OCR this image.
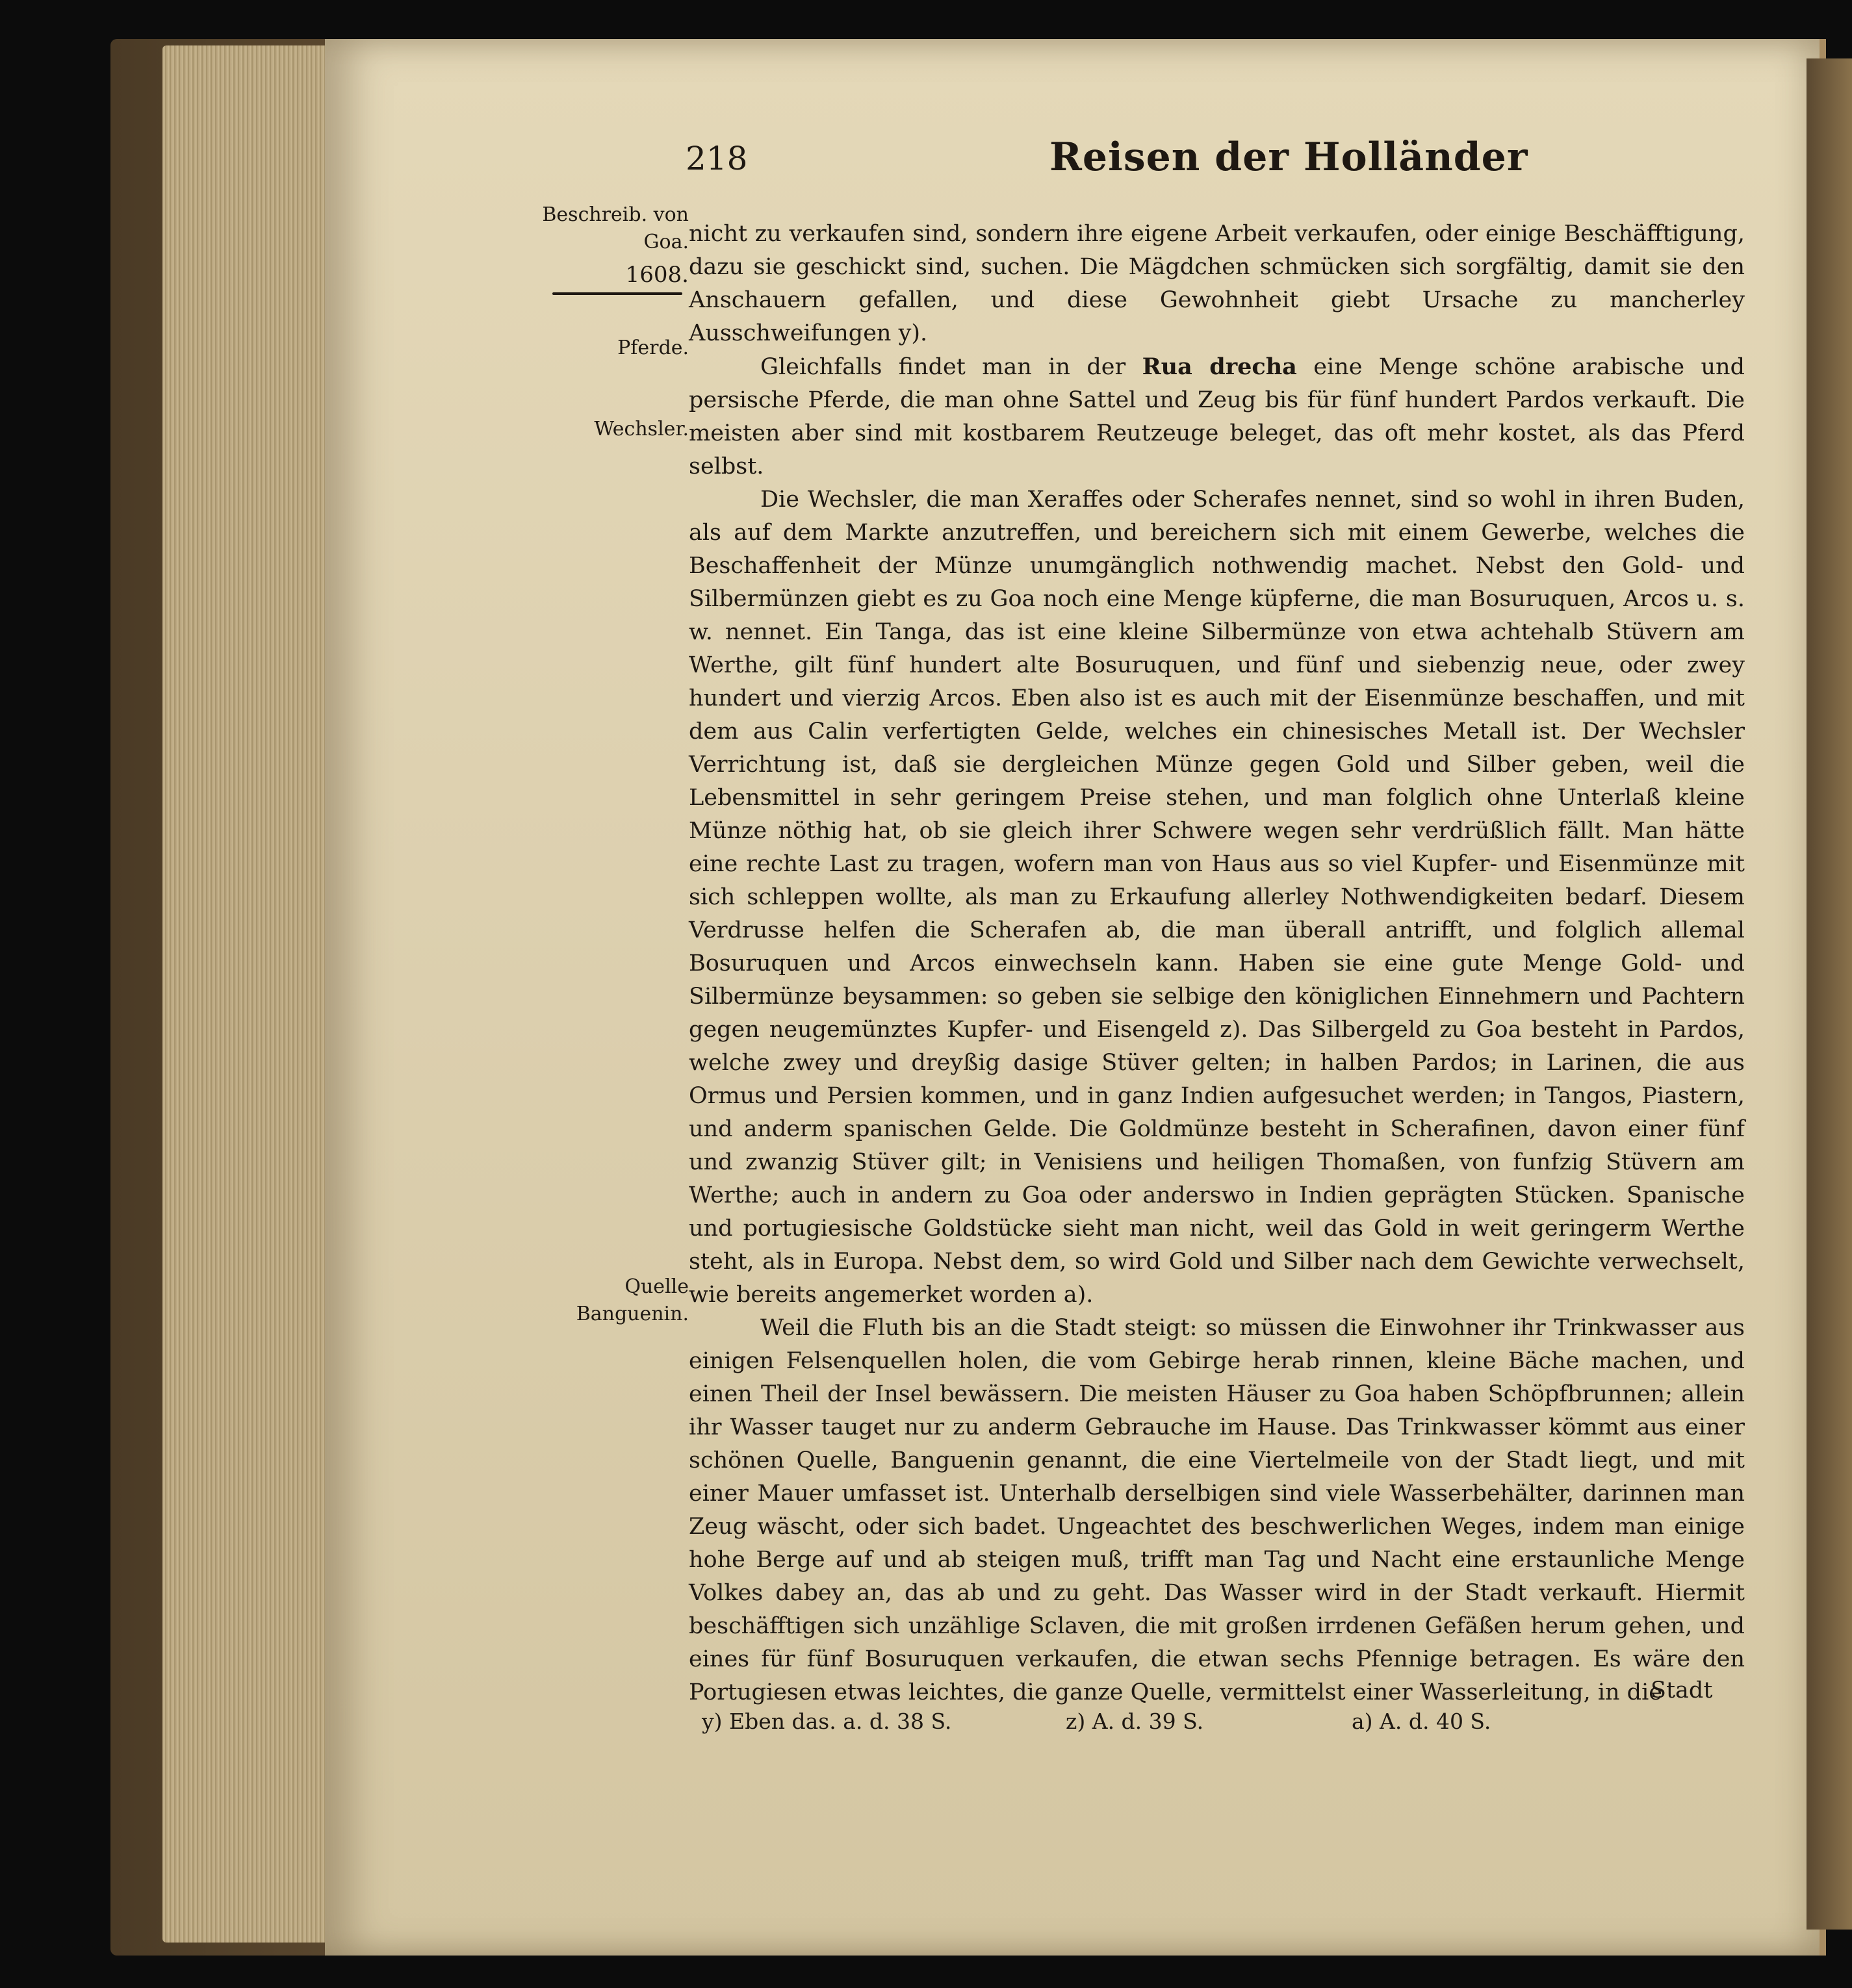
218	Reisen der Holländer
Beschreib. von Goa.
1608.
Pferde.
Wechsler.
Quelle Banguenin.

nicht zu verkaufen sind, sondern ihre eigene Arbeit verkaufen, oder einige Beschäfftigung, dazu sie geschickt sind, suchen. Die Mägdchen schmücken sich sorgfältig, damit sie den Anschauern gefallen, und diese Gewohnheit giebt Ursache zu mancherley Ausschweifungen y).

Gleichfalls findet man in der Rua drecha eine Menge schöne arabische und persische Pferde, die man ohne Sattel und Zeug bis für fünf hundert Pardos verkauft. Die meisten aber sind mit kostbarem Reutzeuge beleget, das oft mehr kostet, als das Pferd selbst.

Die Wechsler, die man Xeraffes oder Scherafes nennet, sind so wohl in ihren Buden, als auf dem Markte anzutreffen, und bereichern sich mit einem Gewerbe, welches die Beschaffenheit der Münze unumgänglich nothwendig machet. Nebst den Gold- und Silbermünzen giebt es zu Goa noch eine Menge küpferne, die man Bosuruquen, Arcos u. s. w. nennet. Ein Tanga, das ist eine kleine Silbermünze von etwa achtehalb Stüvern am Werthe, gilt fünf hundert alte Bosuruquen, und fünf und siebenzig neue, oder zwey hundert und vierzig Arcos. Eben also ist es auch mit der Eisenmünze beschaffen, und mit dem aus Calin verfertigten Gelde, welches ein chinesisches Metall ist. Der Wechsler Verrichtung ist, daß sie dergleichen Münze gegen Gold und Silber geben, weil die Lebensmittel in sehr geringem Preise stehen, und man folglich ohne Unterlaß kleine Münze nöthig hat, ob sie gleich ihrer Schwere wegen sehr verdrüßlich fällt. Man hätte eine rechte Last zu tragen, wofern man von Haus aus so viel Kupfer- und Eisenmünze mit sich schleppen wollte, als man zu Erkaufung allerley Nothwendigkeiten bedarf. Diesem Verdrusse helfen die Scherafen ab, die man überall antrifft, und folglich allemal Bosuruquen und Arcos einwechseln kann. Haben sie eine gute Menge Gold- und Silbermünze beysammen: so geben sie selbige den königlichen Einnehmern und Pachtern gegen neugemünztes Kupfer- und Eisengeld z). Das Silbergeld zu Goa besteht in Pardos, welche zwey und dreyßig dasige Stüver gelten; in halben Pardos; in Larinen, die aus Ormus und Persien kommen, und in ganz Indien aufgesuchet werden; in Tangos, Piastern, und anderm spanischen Gelde. Die Goldmünze besteht in Scherafinen, davon einer fünf und zwanzig Stüver gilt; in Venisiens und heiligen Thomaßen, von funfzig Stüvern am Werthe; auch in andern zu Goa oder anderswo in Indien geprägten Stücken. Spanische und portugiesische Goldstücke sieht man nicht, weil das Gold in weit geringerm Werthe steht, als in Europa. Nebst dem, so wird Gold und Silber nach dem Gewichte verwechselt, wie bereits angemerket worden a).

Weil die Fluth bis an die Stadt steigt: so müssen die Einwohner ihr Trinkwasser aus einigen Felsenquellen holen, die vom Gebirge herab rinnen, kleine Bäche machen, und einen Theil der Insel bewässern. Die meisten Häuser zu Goa haben Schöpfbrunnen; allein ihr Wasser tauget nur zu anderm Gebrauche im Hause. Das Trinkwasser kömmt aus einer schönen Quelle, Banguenin genannt, die eine Viertelmeile von der Stadt liegt, und mit einer Mauer umfasset ist. Unterhalb derselbigen sind viele Wasserbehälter, darinnen man Zeug wäscht, oder sich badet. Ungeachtet des beschwerlichen Weges, indem man einige hohe Berge auf und ab steigen muß, trifft man Tag und Nacht eine erstaunliche Menge Volkes dabey an, das ab und zu geht. Das Wasser wird in der Stadt verkauft. Hiermit beschäfftigen sich unzählige Sclaven, die mit großen irrdenen Gefäßen herum gehen, und eines für fünf Bosuruquen verkaufen, die etwan sechs Pfennige betragen. Es wäre den Portugiesen etwas leichtes, die ganze Quelle, vermittelst einer Wasserleitung, in die

Stadt
y) Eben das. a. d. 38 S.	z) A. d. 39 S.	a) A. d. 40 S.
